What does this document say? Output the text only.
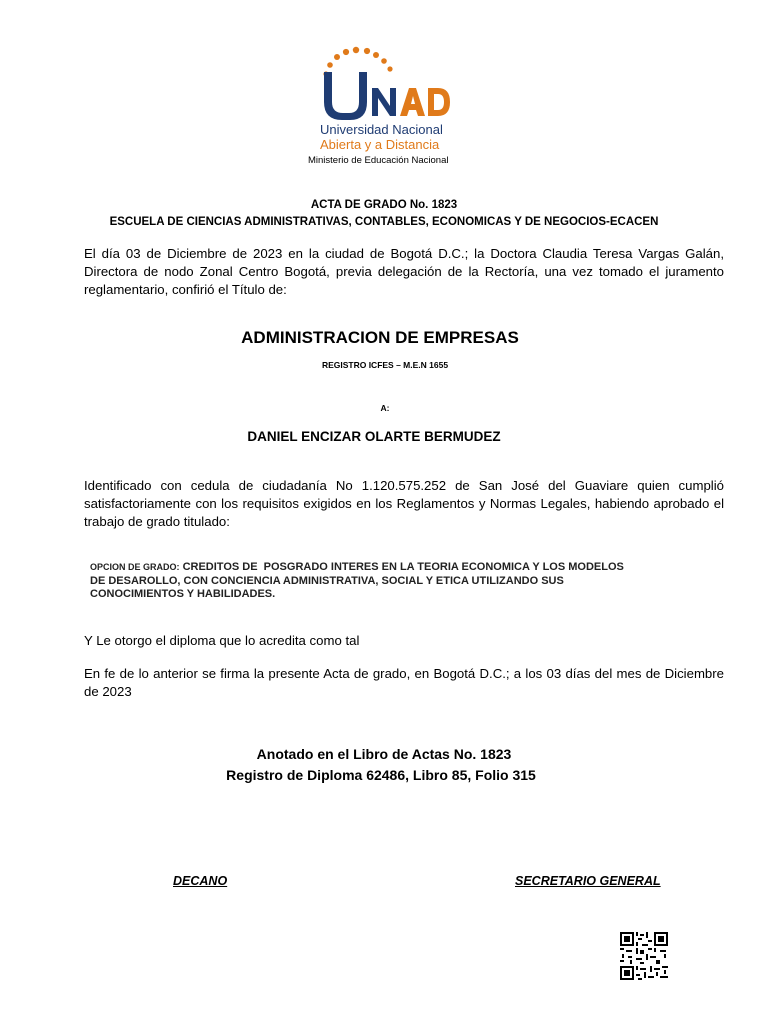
Universidad Nacional
Abierta y a Distancia
Ministerio de Educación Nacional
ACTA DE GRADO No. 1823
ESCUELA DE CIENCIAS ADMINISTRATIVAS, CONTABLES, ECONOMICAS Y DE NEGOCIOS-ECACEN
El día 03 de Diciembre de 2023 en la ciudad de Bogotá D.C.; la Doctora Claudia Teresa Vargas Galán, Directora de nodo Zonal Centro Bogotá, previa delegación de la Rectoría, una vez tomado el juramento reglamentario, confirió el Título de:
ADMINISTRACION DE EMPRESAS
REGISTRO ICFES – M.E.N 1655
A:
DANIEL ENCIZAR OLARTE BERMUDEZ
Identificado con cedula de ciudadanía No 1.120.575.252 de San José del Guaviare quien cumplió satisfactoriamente con los requisitos exigidos en los Reglamentos y Normas Legales, habiendo aprobado el trabajo de grado titulado:
OPCION DE GRADO: CREDITOS DE  POSGRADO INTERES EN LA TEORIA ECONOMICA Y LOS MODELOS
DE DESAROLLO, CON CONCIENCIA ADMINISTRATIVA, SOCIAL Y ETICA UTILIZANDO SUS
CONOCIMIENTOS Y HABILIDADES.
Y Le otorgo el diploma que lo acredita como tal
En fe de lo anterior se firma la presente Acta de grado, en Bogotá D.C.; a los 03 días del mes de Diciembre de 2023
Anotado en el Libro de Actas No. 1823
Registro de Diploma 62486, Libro 85, Folio 315
DECANO	SECRETARIO GENERAL
